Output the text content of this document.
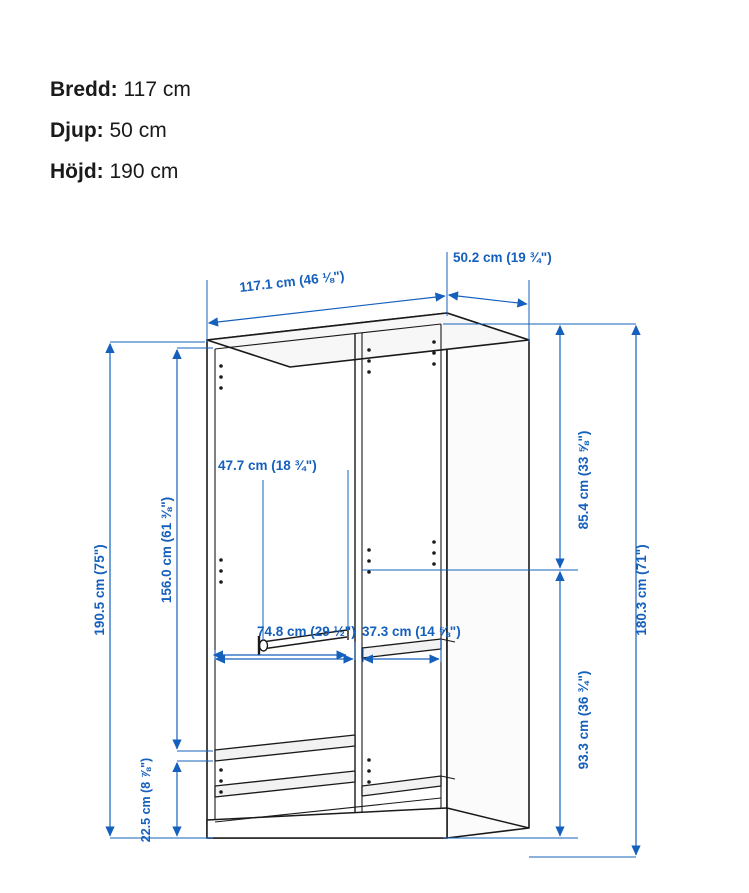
Bredd: 117 cm
Djup: 50 cm
Höjd: 190 cm
117.1 cm (46 ⅛")
50.2 cm (19 ¾")
190.5 cm (75")	156.0 cm (61 ⅜")
22.5 cm (8 ⅞")
47.7 cm (18 ¾")
74.8 cm (29 ½") 37.3 cm (14 ⅝")
85.4 cm (33 ⅝")
93.3 cm (36 ¾")
180.3 cm (71")
